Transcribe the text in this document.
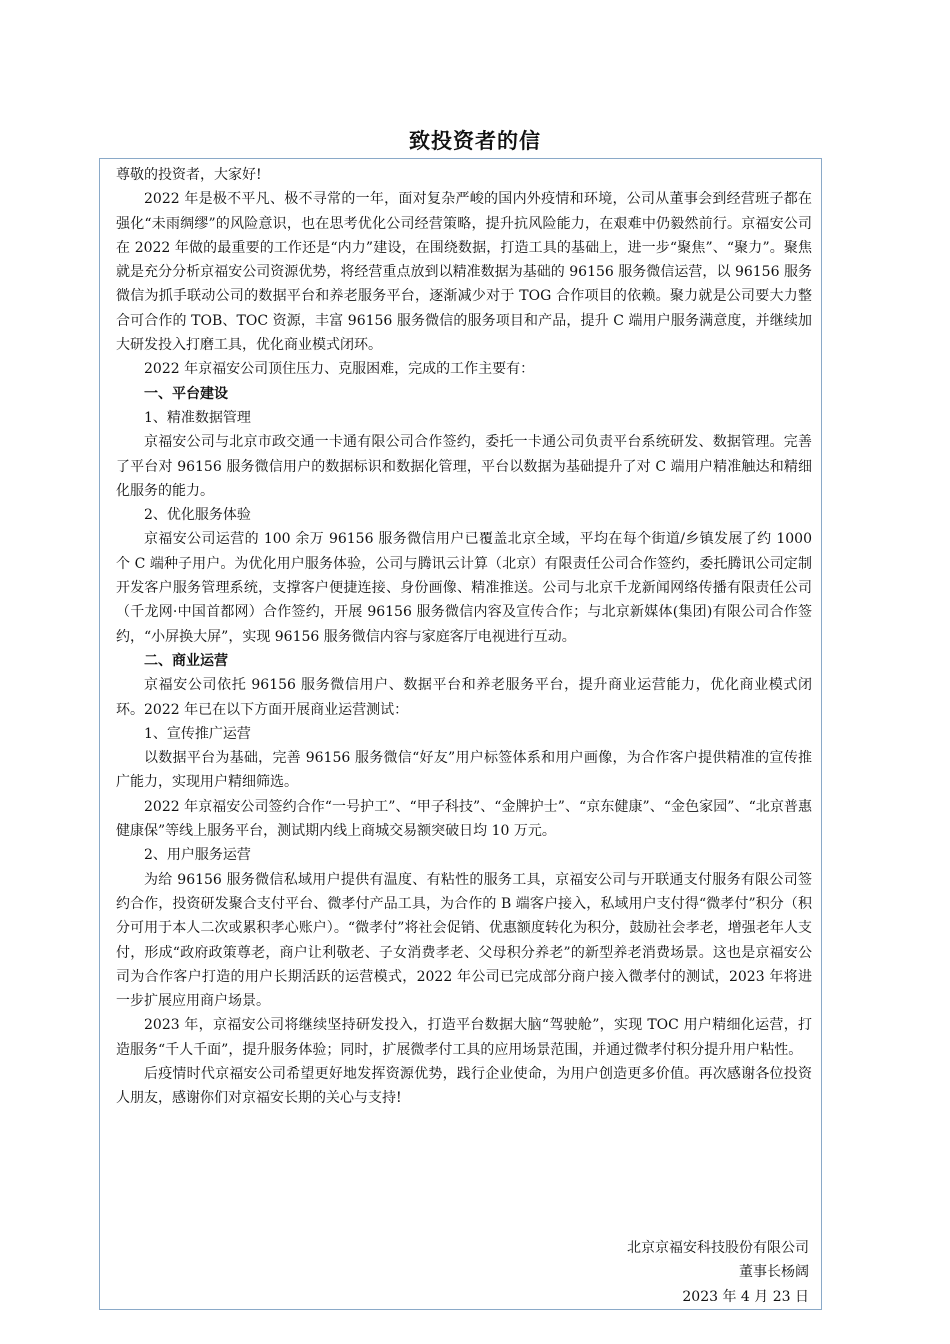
致投资者的信

尊敬的投资者，大家好!

2022 年是极不平凡、极不寻常的一年，面对复杂严峻的国内外疫情和环境，公司从董事会到经营班子都在强化“未雨绸缪”的风险意识，也在思考优化公司经营策略，提升抗风险能力，在艰难中仍毅然前行。京福安公司在 2022 年做的最重要的工作还是“内力”建设，在围绕数据，打造工具的基础上，进一步“聚焦”、“聚力”。聚焦就是充分分析京福安公司资源优势，将经营重点放到以精准数据为基础的 96156 服务微信运营，以 96156 服务微信为抓手联动公司的数据平台和养老服务平台，逐渐减少对于 TOG 合作项目的依赖。聚力就是公司要大力整合可合作的 TOB、TOC 资源，丰富 96156 服务微信的服务项目和产品，提升 C 端用户服务满意度，并继续加大研发投入打磨工具，优化商业模式闭环。

2022 年京福安公司顶住压力、克服困难，完成的工作主要有：

一、平台建设

1、精准数据管理

京福安公司与北京市政交通一卡通有限公司合作签约，委托一卡通公司负责平台系统研发、数据管理。完善了平台对 96156 服务微信用户的数据标识和数据化管理，平台以数据为基础提升了对 C 端用户精准触达和精细化服务的能力。

2、优化服务体验

京福安公司运营的 100 余万 96156 服务微信用户已覆盖北京全域，平均在每个街道/乡镇发展了约 1000 个 C 端种子用户。为优化用户服务体验，公司与腾讯云计算（北京）有限责任公司合作签约，委托腾讯公司定制开发客户服务管理系统，支撑客户便捷连接、身份画像、精准推送。公司与北京千龙新闻网络传播有限责任公司（千龙网·中国首都网）合作签约，开展 96156 服务微信内容及宣传合作；与北京新媒体(集团)有限公司合作签约，“小屏换大屏”，实现 96156 服务微信内容与家庭客厅电视进行互动。

二、商业运营

京福安公司依托 96156 服务微信用户、数据平台和养老服务平台，提升商业运营能力，优化商业模式闭环。2022 年已在以下方面开展商业运营测试：

1、宣传推广运营

以数据平台为基础，完善 96156 服务微信“好友”用户标签体系和用户画像，为合作客户提供精准的宣传推广能力，实现用户精细筛选。

2022 年京福安公司签约合作“一号护工”、“甲子科技”、“金牌护士”、“京东健康”、“金色家园”、“北京普惠健康保”等线上服务平台，测试期内线上商城交易额突破日均 10 万元。

2、用户服务运营

为给 96156 服务微信私域用户提供有温度、有粘性的服务工具，京福安公司与开联通支付服务有限公司签约合作，投资研发聚合支付平台、微孝付产品工具，为合作的 B 端客户接入，私域用户支付得“微孝付”积分（积分可用于本人二次或累积孝心账户）。“微孝付”将社会促销、优惠额度转化为积分，鼓励社会孝老，增强老年人支付，形成“政府政策尊老，商户让利敬老、子女消费孝老、父母积分养老”的新型养老消费场景。这也是京福安公司为合作客户打造的用户长期活跃的运营模式，2022 年公司已完成部分商户接入微孝付的测试，2023 年将进一步扩展应用商户场景。

2023 年，京福安公司将继续坚持研发投入，打造平台数据大脑“驾驶舱”，实现 TOC 用户精细化运营，打造服务“千人千面”，提升服务体验；同时，扩展微孝付工具的应用场景范围，并通过微孝付积分提升用户粘性。

后疫情时代京福安公司希望更好地发挥资源优势，践行企业使命，为用户创造更多价值。再次感谢各位投资人朋友，感谢你们对京福安长期的关心与支持!

北京京福安科技股份有限公司

董事长杨阔

2023 年 4 月 23 日
